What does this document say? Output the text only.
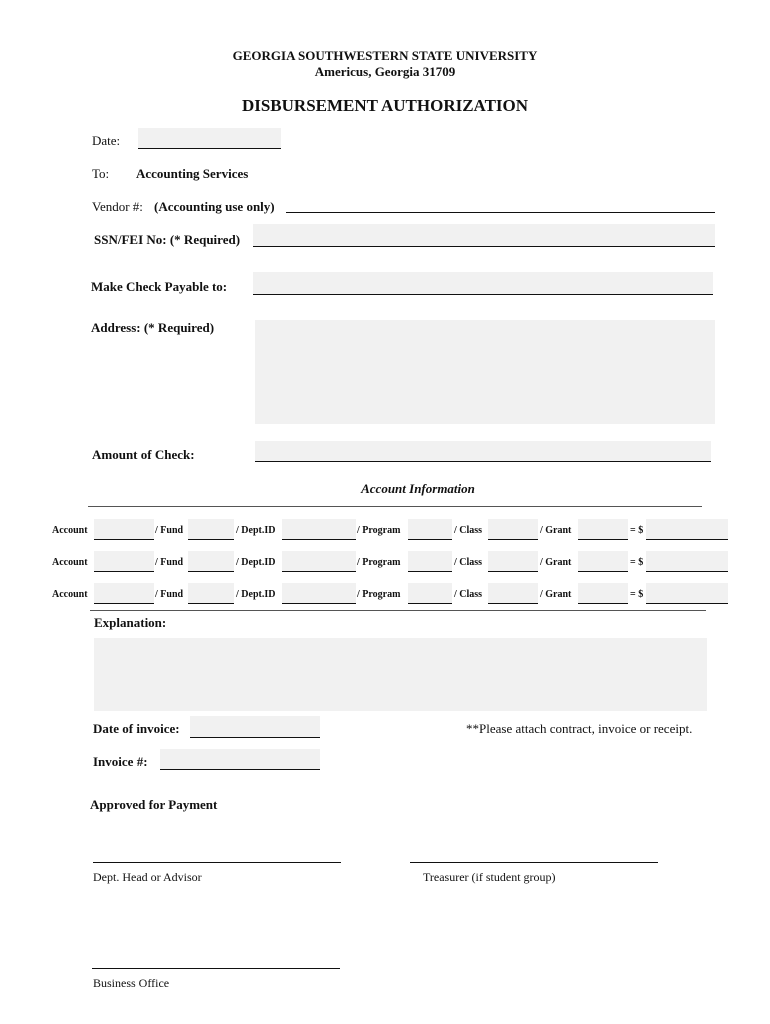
GEORGIA SOUTHWESTERN STATE UNIVERSITY
Americus, Georgia 31709
DISBURSEMENT AUTHORIZATION
Date:
To: Accounting Services
Vendor #: (Accounting use only)
SSN/FEI No: (* Required)
Make Check Payable to:
Address: (* Required)
Amount of Check:
Account Information
Account	/ Fund	/ Dept.ID	/ Program	/ Class	/ Grant	= $
Account	/ Fund	/ Dept.ID	/ Program	/ Class	/ Grant	= $
Account	/ Fund	/ Dept.ID	/ Program	/ Class	/ Grant	= $
Explanation:
Date of invoice:	**Please attach contract, invoice or receipt.
Invoice #:
Approved for Payment
Dept. Head or Advisor	Treasurer (if student group)
Business Office
